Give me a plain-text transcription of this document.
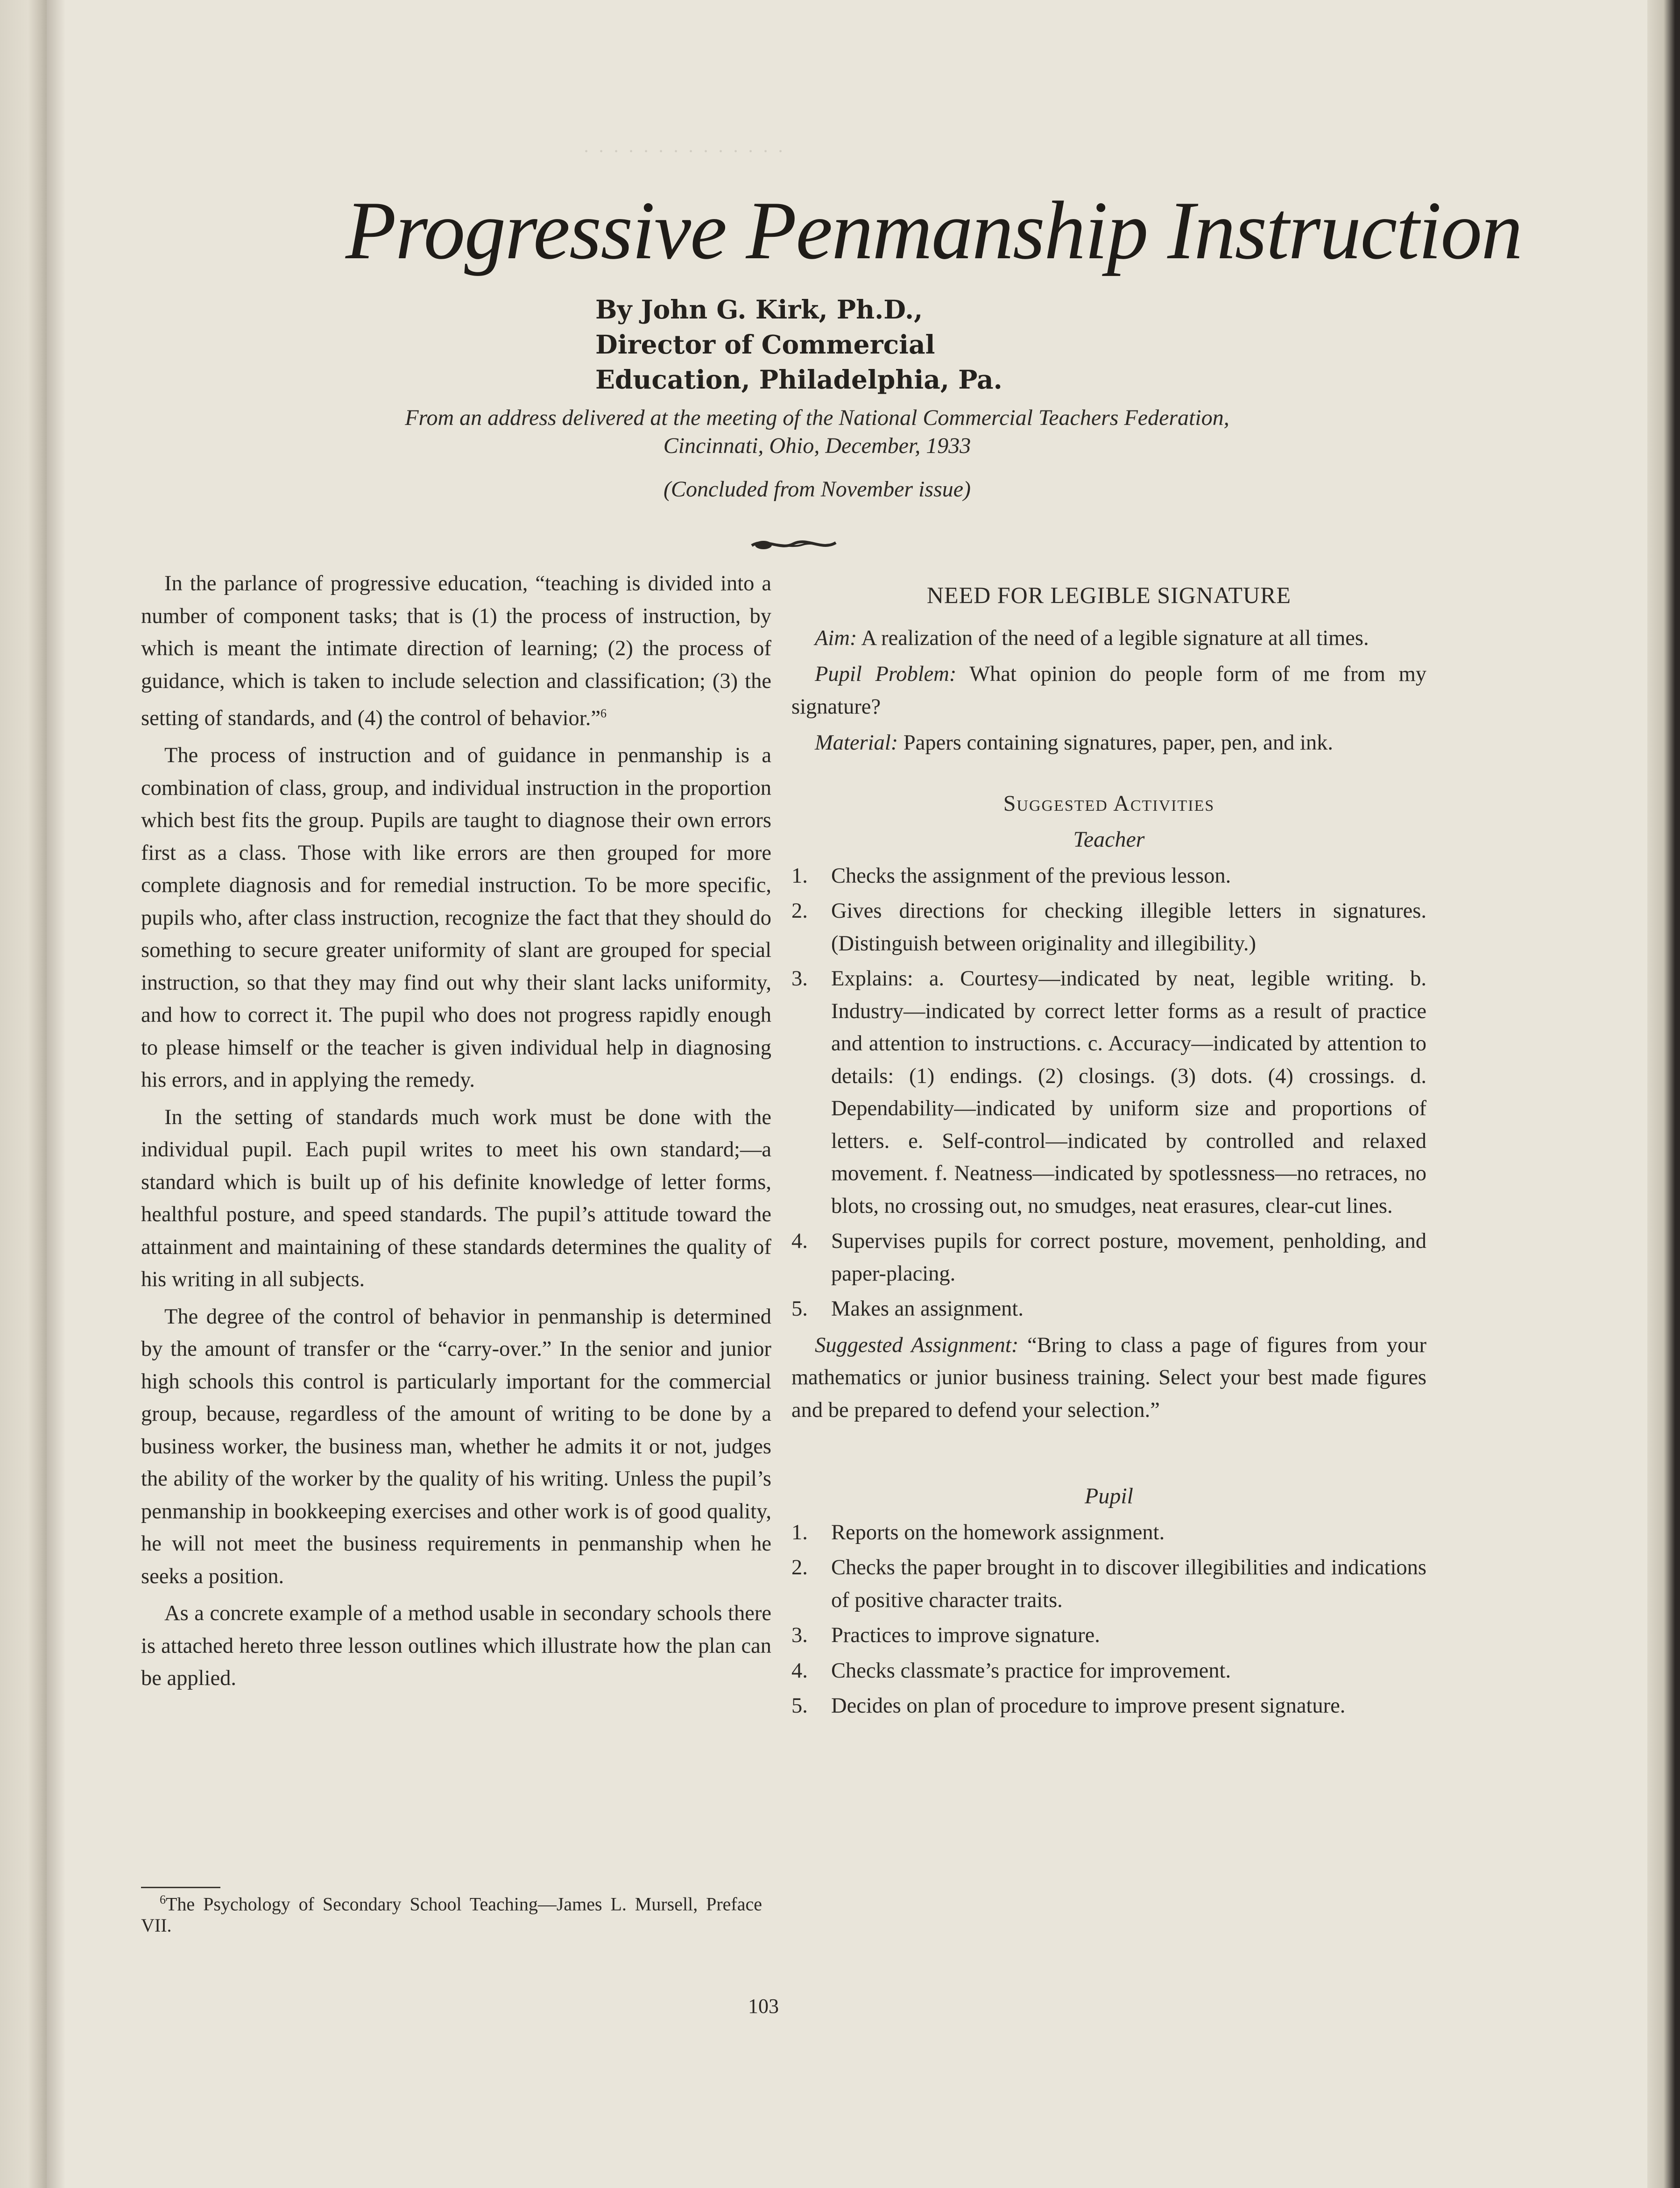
· · · · · · · · · · · · · ·
Progressive Penmanship Instruction
By John G. Kirk, Ph.D.,
Director of Commercial
Education, Philadelphia, Pa.
From an address delivered at the meeting of the National Commercial Teachers Federation,
Cincinnati, Ohio, December, 1933
(Concluded from November issue)

In the parlance of progressive education, “teaching is divided into a number of component tasks; that is (1) the process of instruction, by which is meant the intimate direction of learning; (2) the process of guidance, which is taken to include selection and classification; (3) the setting of standards, and (4) the control of behavior.”$^6$

The process of instruction and of guidance in penmanship is a combination of class, group, and individual instruction in the proportion which best fits the group. Pupils are taught to diagnose their own errors first as a class. Those with like errors are then grouped for more complete diagnosis and for remedial instruction. To be more specific, pupils who, after class instruction, recognize the fact that they should do something to secure greater uniformity of slant are grouped for special instruction, so that they may find out why their slant lacks uniformity, and how to correct it. The pupil who does not progress rapidly enough to please himself or the teacher is given individual help in diagnosing his errors, and in applying the remedy.

In the setting of standards much work must be done with the individual pupil. Each pupil writes to meet his own standard;—a standard which is built up of his definite knowledge of letter forms, healthful posture, and speed standards. The pupil’s attitude toward the attainment and maintaining of these standards determines the quality of his writing in all subjects.

The degree of the control of behavior in penmanship is determined by the amount of transfer or the “carry-over.” In the senior and junior high schools this control is particularly important for the commercial group, because, regardless of the amount of writing to be done by a business worker, the business man, whether he admits it or not, judges the ability of the worker by the quality of his writing. Unless the pupil’s penmanship in bookkeeping exercises and other work is of good quality, he will not meet the business requirements in penmanship when he seeks a position.

As a concrete example of a method usable in secondary schools there is attached hereto three lesson outlines which illustrate how the plan can be applied.

$^6$The Psychology of Secondary School Teaching—James L. Mursell, Preface VII.
NEED FOR LEGIBLE SIGNATURE

Aim: A realization of the need of a legible signature at all times.

Pupil Problem: What opinion do people form of me from my signature?

Material: Papers containing signatures, paper, pen, and ink.

Suggested Activities
Teacher
1. Checks the assignment of the previous lesson.
2. Gives directions for checking illegible letters in signatures. (Distinguish between originality and illegibility.)
3. Explains: a. Courtesy—indicated by neat, legible writing. b. Industry—indicated by correct letter forms as a result of practice and attention to instructions. c. Accuracy—indicated by attention to details: (1) endings. (2) closings. (3) dots. (4) crossings. d. Dependability—indicated by uniform size and proportions of letters. e. Self-control—indicated by controlled and relaxed movement. f. Neatness—indicated by spotlessness—no retraces, no blots, no crossing out, no smudges, neat erasures, clear-cut lines.
4. Supervises pupils for correct posture, movement, penholding, and paper-placing.
5. Makes an assignment.

Suggested Assignment: “Bring to class a page of figures from your mathematics or junior business training. Select your best made figures and be prepared to defend your selection.”

Pupil
1. Reports on the homework assignment.
2. Checks the paper brought in to discover illegibilities and indications of positive character traits.
3. Practices to improve signature.
4. Checks classmate’s practice for improvement.
5. Decides on plan of procedure to improve present signature.
103
